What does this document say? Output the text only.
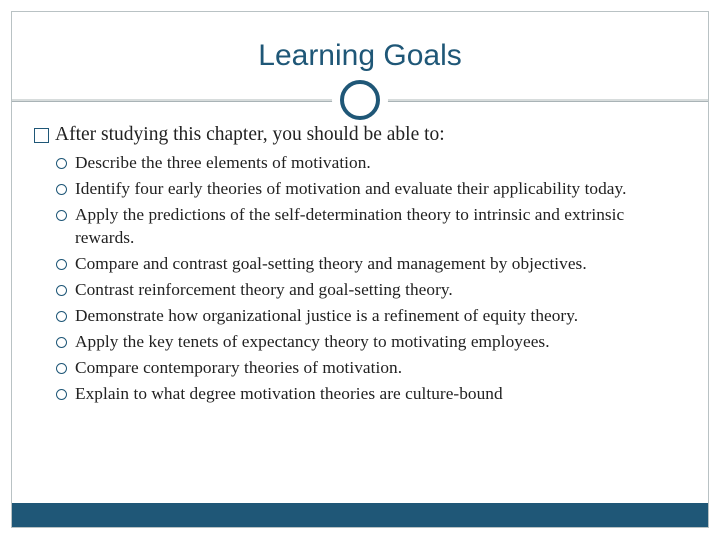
Learning Goals
After studying this chapter, you should be able to:
Describe the three elements of motivation.
Identify four early theories of motivation and evaluate their applicability today.
Apply the predictions of the self-determination theory to intrinsic and extrinsic rewards.
Compare and contrast goal-setting theory and management by objectives.
Contrast reinforcement theory and goal-setting theory.
Demonstrate how organizational justice is a refinement of equity theory.
Apply the key tenets of expectancy theory to motivating employees.
Compare contemporary theories of motivation.
Explain to what degree motivation theories are culture-bound
